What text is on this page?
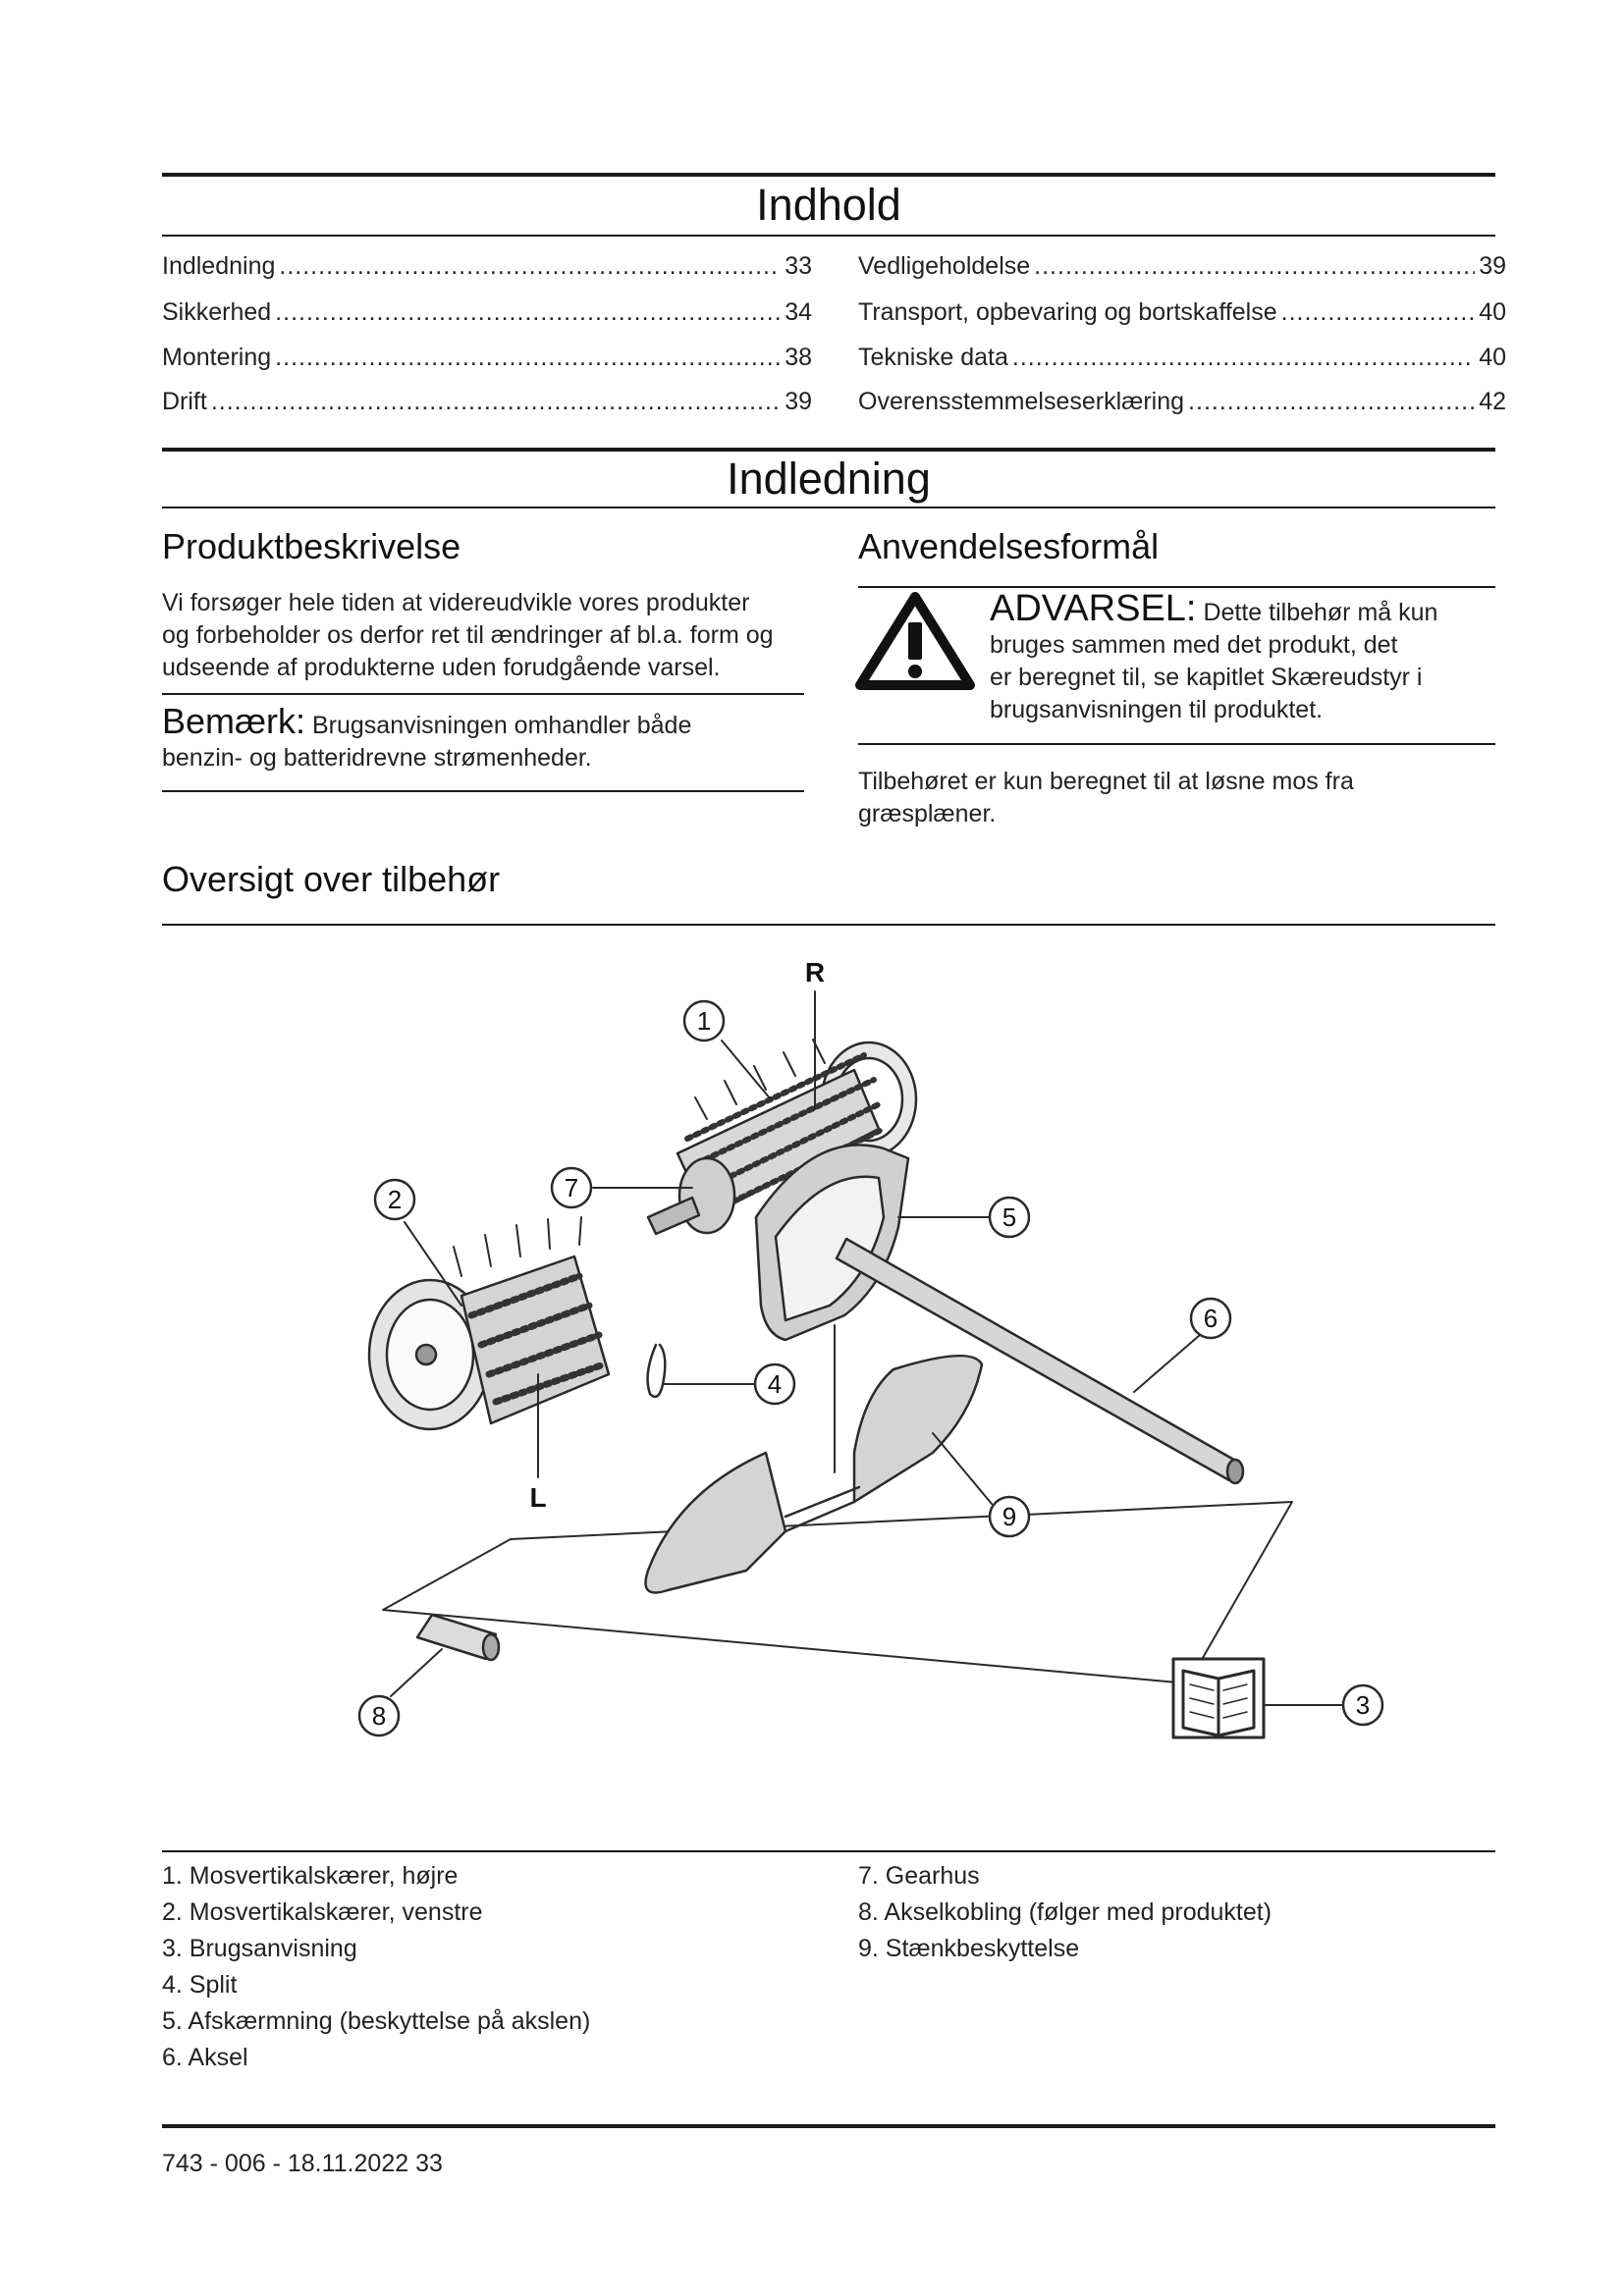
Indhold
Indledning .....	33
Sikkerhed .....	34
Montering .....	38
Drift .....	39
Vedligeholdelse .....	39
Transport, opbevaring og bortskaffelse .....	40
Tekniske data .....	40
Overensstemmelseserklæring .....	42
Indledning
Produktbeskrivelse
Vi forsøger hele tiden at videreudvikle vores produkter
og forbeholder os derfor ret til ændringer af bl.a. form og
udseende af produkterne uden forudgående varsel.
Bemærk: Brugsanvisningen omhandler både
benzin- og batteridrevne strømenheder.
Anvendelsesformål
ADVARSEL: Dette tilbehør må kun
bruges sammen med det produkt, det
er beregnet til, se kapitlet Skæreudstyr i
brugsanvisningen til produktet.
Tilbehøret er kun beregnet til at løsne mos fra
græsplæner.
Oversigt over tilbehør
1
2
3
4
5
6
7
8
9
R
L
1. Mosvertikalskærer, højre
2. Mosvertikalskærer, venstre
3. Brugsanvisning
4. Split
5. Afskærmning (beskyttelse på akslen)
6. Aksel
7. Gearhus
8. Akselkobling (følger med produktet)
9. Stænkbeskyttelse
743 - 006 - 18.11.2022 33
